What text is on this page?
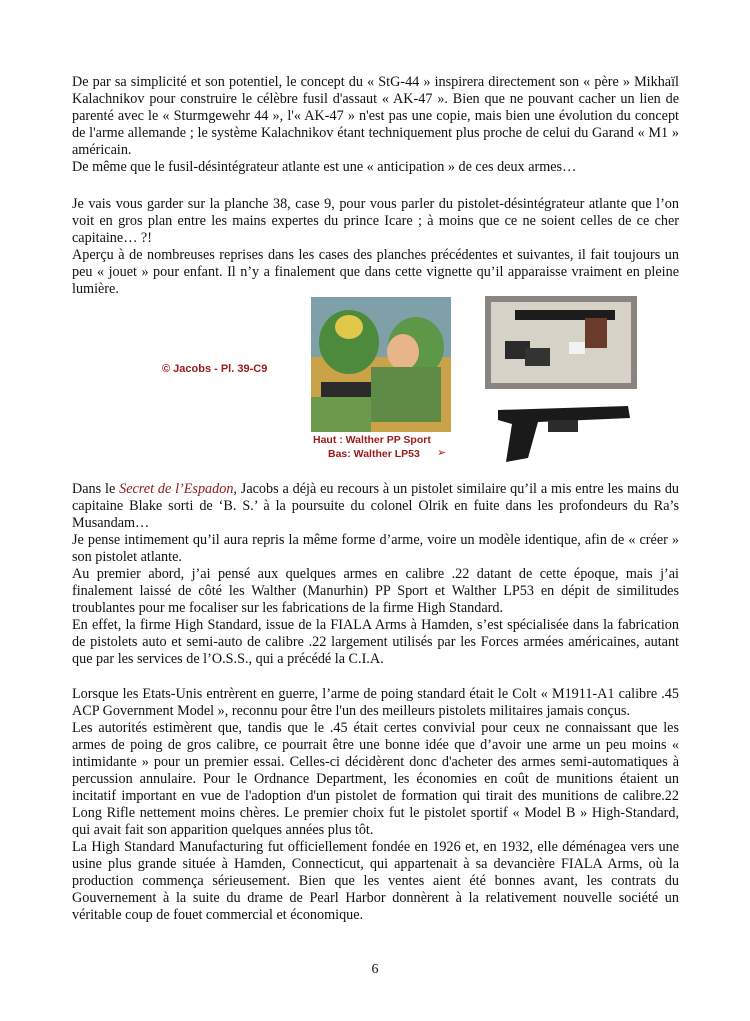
De par sa simplicité et son potentiel, le concept du « StG-44 » inspirera directement son « père » Mikhaïl Kalachnikov pour construire le célèbre fusil d'assaut « AK-47 ». Bien que ne pouvant cacher un lien de parenté avec le « Sturmgewehr 44 », l'« AK-47 » n'est pas une copie, mais bien une évolution du concept de l'arme allemande ; le système Kalachnikov étant techniquement plus proche de celui du Garand « M1 » américain.

De même que le fusil-désintégrateur atlante est une « anticipation » de ces deux armes…

Je vais vous garder sur la planche 38, case 9, pour vous parler du pistolet-désintégrateur atlante que l’on voit en gros plan entre les mains expertes du prince Icare ; à moins que ce ne soient celles de ce cher capitaine… ?!

Aperçu à de nombreuses reprises dans les cases des planches précédentes et suivantes, il fait toujours un peu « jouet » pour enfant. Il n’y a finalement que dans cette vignette qu’il apparaisse vraiment en pleine lumière.

© Jacobs - Pl. 39-C9
Haut : Walther PP Sport
Bas: Walther LP53 ➢

Dans le Secret de l’Espadon, Jacobs a déjà eu recours à un pistolet similaire qu’il a mis entre les mains du capitaine Blake sorti de ‘B. S.’ à la poursuite du colonel Olrik en fuite dans les profondeurs du Ra’s Musandam…

Je pense intimement qu’il aura repris la même forme d’arme, voire un modèle identique, afin de « créer » son pistolet atlante.

Au premier abord, j’ai pensé aux quelques armes en calibre .22 datant de cette époque, mais j’ai finalement laissé de côté les Walther (Manurhin) PP Sport et Walther LP53 en dépit de similitudes troublantes pour me focaliser sur les fabrications de la firme High Standard.

En effet, la firme High Standard, issue de la FIALA Arms à Hamden, s’est spécialisée dans la fabrication de pistolets auto et semi-auto de calibre .22 largement utilisés par les Forces armées américaines, autant que par les services de l’O.S.S., qui a précédé la C.I.A.

Lorsque les Etats-Unis entrèrent en guerre, l’arme de poing standard était le Colt « M1911-A1 calibre .45 ACP Government Model », reconnu pour être l'un des meilleurs pistolets militaires jamais conçus.

Les autorités estimèrent que, tandis que le .45 était certes convivial pour ceux ne connaissant que les armes de poing de gros calibre, ce pourrait être une bonne idée que d’avoir une arme un peu moins « intimidante » pour un premier essai. Celles-ci décidèrent donc d'acheter des armes semi-automatiques à percussion annulaire. Pour le Ordnance Department, les économies en coût de munitions étaient un incitatif important en vue de l'adoption d'un pistolet de formation qui tirait des munitions de calibre.22 Long Rifle nettement moins chères. Le premier choix fut le pistolet sportif « Model B » High-Standard, qui avait fait son apparition quelques années plus tôt.

La High Standard Manufacturing fut officiellement fondée en 1926 et, en 1932, elle déménagea vers une usine plus grande située à Hamden, Connecticut, qui appartenait à sa devancière FIALA Arms, où la production commença sérieusement. Bien que les ventes aient été bonnes avant, les contrats du Gouvernement à la suite du drame de Pearl Harbor donnèrent à la relativement nouvelle société un véritable coup de fouet commercial et économique.

6
